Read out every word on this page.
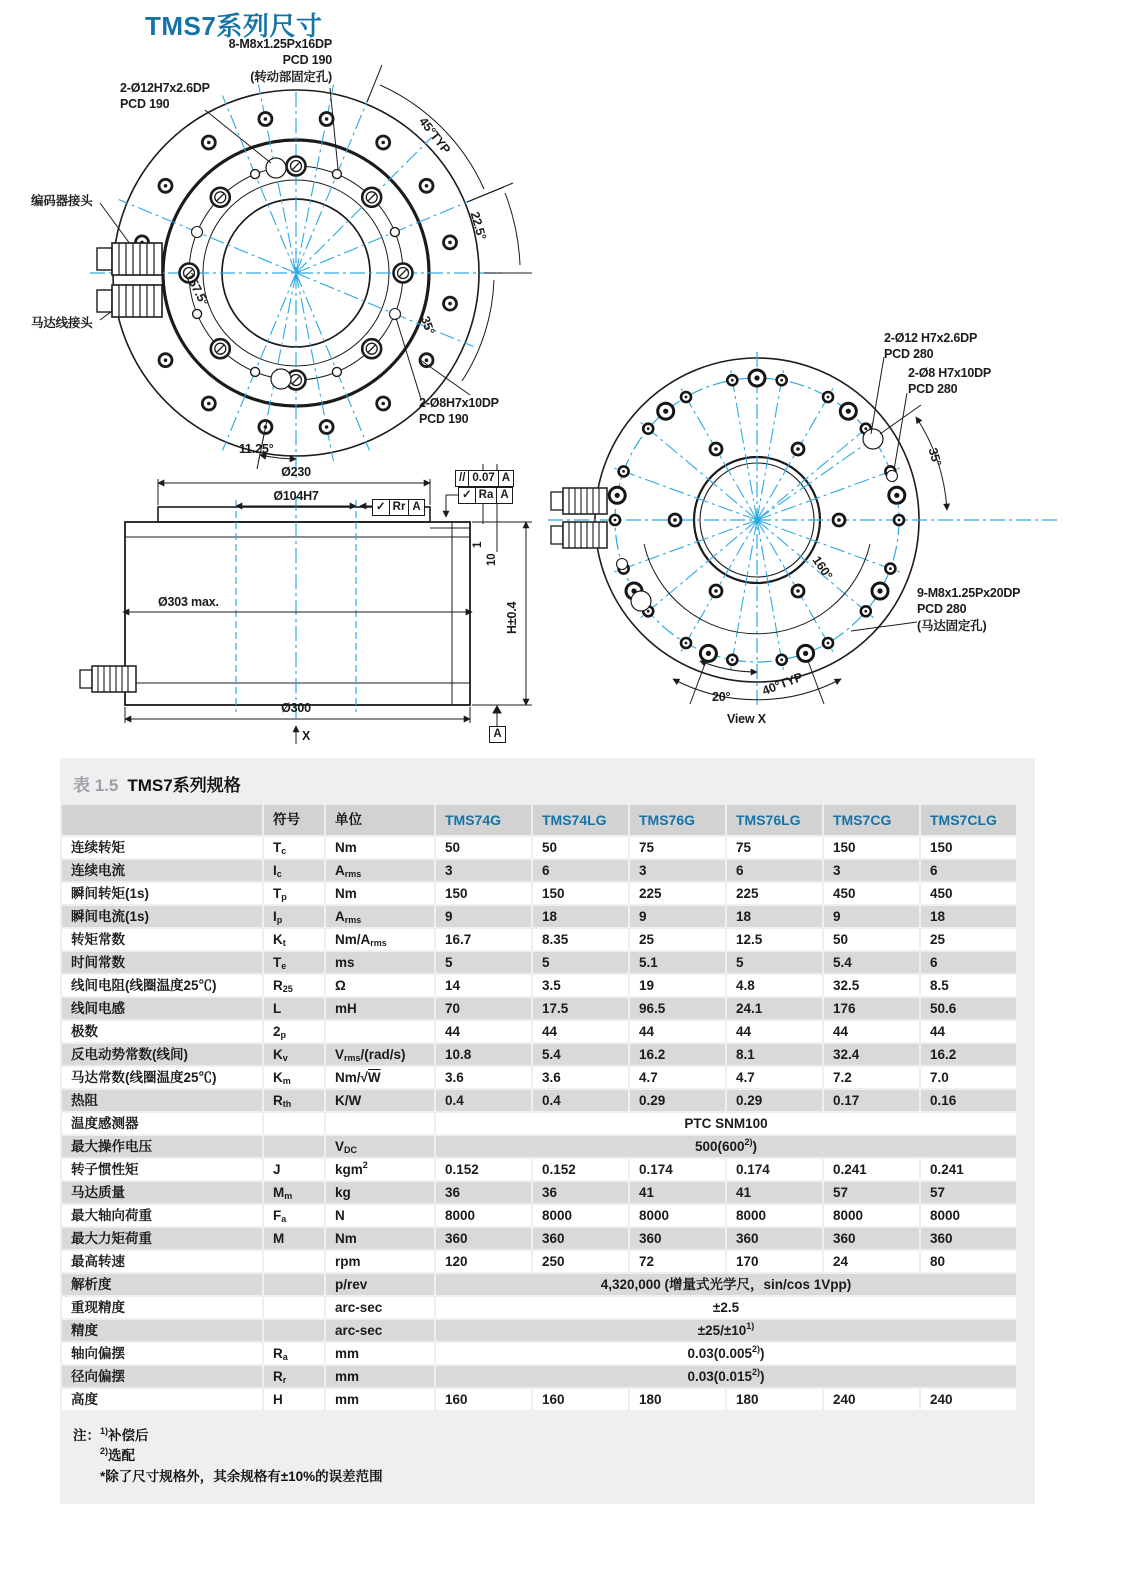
TMS7系列尺寸
8-M8x1.25Px16DP
PCD 190
(转动部固定孔)
2-Ø12H7x2.6DP
PCD 190
编码器接头
马达线接头
45°TYP
22.5°
35°
157.5°
11.25°
2-Ø8H7x10DP
PCD 190
Ø230
Ø104H7
✓ Rr A
// 0.07 A
✓ Ra A
1
10
Ø303 max.	H±0.4
Ø300
X	A
2-Ø12 H7x2.6DP
PCD 280
2-Ø8 H7x10DP
PCD 280
35°
160°
9-M8x1.25Px20DP
PCD 280
(马达固定孔)
20° 40°TYP
View X
表 1.5 TMS7系列规格
	符号	单位	TMS74G	TMS74LG	TMS76G	TMS76LG	TMS7CG	TMS7CLG
连续转矩	$T_c$	Nm	50	50	75	75	150	150
连续电流	$I_c$	$A_{rms}$	3	6	3	6	3	6
瞬间转矩(1s)	$T_p$	Nm	150	150	225	225	450	450
瞬间电流(1s)	$I_p$	$A_{rms}$	9	18	9	18	9	18
转矩常数	$K_t$	$Nm/A_{rms}$	16.7	8.35	25	12.5	50	25
时间常数	$T_e$	ms	5	5	5.1	5	5.4	6
线间电阻(线圈温度25℃)	$R_{25}$	Ω	14	3.5	19	4.8	32.5	8.5
线间电感	L	mH	70	17.5	96.5	24.1	176	50.6
极数	$2_p$		44	44	44	44	44	44
反电动势常数(线间)	$K_v$	$V_{rms}/(rad/s)$	10.8	5.4	16.2	8.1	32.4	16.2
马达常数(线圈温度25℃)	$K_m$	Nm/√W	3.6	3.6	4.7	4.7	7.2	7.0
热阻	$R_{th}$	K/W	0.4	0.4	0.29	0.29	0.17	0.16
温度感测器			PTC SNM100					
最大操作电压		$V_{DC}$	500(600$^{2)}$)					
转子惯性矩	J	kgm$^2$	0.152	0.152	0.174	0.174	0.241	0.241
马达质量	$M_m$	kg	36	36	41	41	57	57
最大轴向荷重	$F_a$	N	8000	8000	8000	8000	8000	8000
最大力矩荷重	M	Nm	360	360	360	360	360	360
最高转速		rpm	120	250	72	170	24	80
解析度		p/rev	4,320,000 (增量式光学尺，sin/cos 1Vpp)					
重现精度		arc-sec	±2.5					
精度		arc-sec	$\pm 25/\pm 10^{1)}$
轴向偏摆	$R_a$	mm	0.03(0.005$^{2)}$)					
径向偏摆	$R_r$	mm	0.03(0.015$^{2)}$)					
高度	H	mm	160	160	180	180	240	240
注：$^{1)}$补偿后
$^{2)}$选配
*除了尺寸规格外，其余规格有±10%的误差范围
